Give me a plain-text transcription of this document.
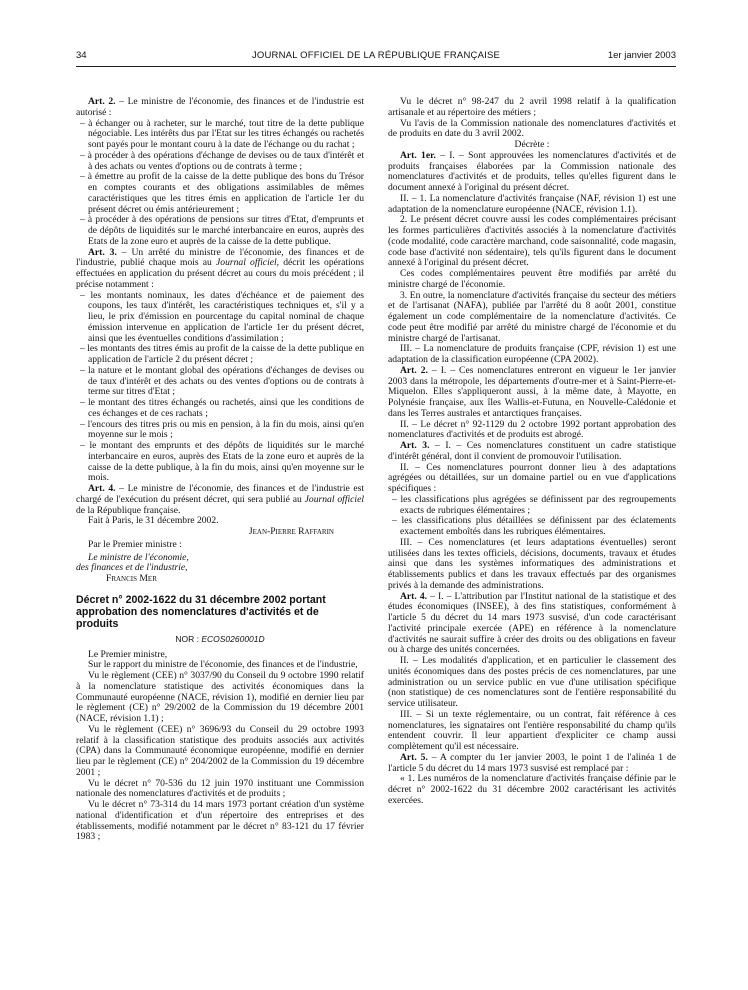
34	JOURNAL OFFICIEL DE LA RÉPUBLIQUE FRANÇAISE	1er janvier 2003

Art. 2. – Le ministre de l'économie, des finances et de l'industrie est autorisé :

– à échanger ou à racheter, sur le marché, tout titre de la dette publique négociable. Les intérêts dus par l'Etat sur les titres échangés ou rachetés sont payés pour le montant couru à la date de l'échange ou du rachat ;

– à procéder à des opérations d'échange de devises ou de taux d'intérêt et à des achats ou ventes d'options ou de contrats à terme ;

– à émettre au profit de la caisse de la dette publique des bons du Trésor en comptes courants et des obligations assimilables de mêmes caractéristiques que les titres émis en application de l'article 1er du présent décret ou émis antérieurement ;

– à procéder à des opérations de pensions sur titres d'Etat, d'emprunts et de dépôts de liquidités sur le marché interbancaire en euros, auprès des Etats de la zone euro et auprès de la caisse de la dette publique.

Art. 3. – Un arrêté du ministre de l'économie, des finances et de l'industrie, publié chaque mois au Journal officiel, décrit les opérations effectuées en application du présent décret au cours du mois précédent ; il précise notamment :

– les montants nominaux, les dates d'échéance et de paiement des coupons, les taux d'intérêt, les caractéristiques techniques et, s'il y a lieu, le prix d'émission en pourcentage du capital nominal de chaque émission intervenue en application de l'article 1er du présent décret, ainsi que les éventuelles conditions d'assimilation ;

– les montants des titres émis au profit de la caisse de la dette publique en application de l'article 2 du présent décret ;

– la nature et le montant global des opérations d'échanges de devises ou de taux d'intérêt et des achats ou des ventes d'options ou de contrats à terme sur titres d'Etat ;

– le montant des titres échangés ou rachetés, ainsi que les conditions de ces échanges et de ces rachats ;

– l'encours des titres pris ou mis en pension, à la fin du mois, ainsi qu'en moyenne sur le mois ;

– le montant des emprunts et des dépôts de liquidités sur le marché interbancaire en euros, auprès des Etats de la zone euro et auprès de la caisse de la dette publique, à la fin du mois, ainsi qu'en moyenne sur le mois.

Art. 4. – Le ministre de l'économie, des finances et de l'industrie est chargé de l'exécution du présent décret, qui sera publié au Journal officiel de la République française.

Fait à Paris, le 31 décembre 2002.

Jean-Pierre Raffarin

Par le Premier ministre :

Le ministre de l'économie,

des finances et de l'industrie,

Francis Mer

Décret n° 2002-1622 du 31 décembre 2002 portant approbation des nomenclatures d'activités et de produits

NOR : ECOS0260001D

Le Premier ministre,

Sur le rapport du ministre de l'économie, des finances et de l'industrie,

Vu le règlement (CEE) n° 3037/90 du Conseil du 9 octobre 1990 relatif à la nomenclature statistique des activités économiques dans la Communauté européenne (NACE, révision 1), modifié en dernier lieu par le règlement (CE) n° 29/2002 de la Commission du 19 décembre 2001 (NACE, révision 1.1) ;

Vu le règlement (CEE) n° 3696/93 du Conseil du 29 octobre 1993 relatif à la classification statistique des produits associés aux activités (CPA) dans la Communauté économique européenne, modifié en dernier lieu par le règlement (CE) n° 204/2002 de la Commission du 19 décembre 2001 ;

Vu le décret n° 70-536 du 12 juin 1970 instituant une Commission nationale des nomenclatures d'activités et de produits ;

Vu le décret n° 73-314 du 14 mars 1973 portant création d'un système national d'identification et d'un répertoire des entreprises et des établissements, modifié notamment par le décret n° 83-121 du 17 février 1983 ;

Vu le décret n° 98-247 du 2 avril 1998 relatif à la qualification artisanale et au répertoire des métiers ;

Vu l'avis de la Commission nationale des nomenclatures d'activités et de produits en date du 3 avril 2002.

Décrète :

Art. 1er. – I. – Sont approuvées les nomenclatures d'activités et de produits françaises élaborées par la Commission nationale des nomenclatures d'activités et de produits, telles qu'elles figurent dans le document annexé à l'original du présent décret.

II. – 1. La nomenclature d'activités française (NAF, révision 1) est une adaptation de la nomenclature européenne (NACE, révision 1.1).

2. Le présent décret couvre aussi les codes complémentaires précisant les formes particulières d'activités associés à la nomenclature d'activités (code modalité, code caractère marchand, code saisonnalité, code magasin, code base d'activité non sédentaire), tels qu'ils figurent dans le document annexé à l'original du présent décret.

Ces codes complémentaires peuvent être modifiés par arrêté du ministre chargé de l'économie.

3. En outre, la nomenclature d'activités française du secteur des métiers et de l'artisanat (NAFA), publiée par l'arrêté du 8 août 2001, constitue également un code complémentaire de la nomenclature d'activités. Ce code peut être modifié par arrêté du ministre chargé de l'économie et du ministre chargé de l'artisanat.

III. – La nomenclature de produits française (CPF, révision 1) est une adaptation de la classification européenne (CPA 2002).

Art. 2. – I. – Ces nomenclatures entreront en vigueur le 1er janvier 2003 dans la métropole, les départements d'outre-mer et à Saint-Pierre-et-Miquelon. Elles s'appliqueront aussi, à la même date, à Mayotte, en Polynésie française, aux îles Wallis-et-Futuna, en Nouvelle-Calédonie et dans les Terres australes et antarctiques françaises.

II. – Le décret n° 92-1129 du 2 octobre 1992 portant approbation des nomenclatures d'activités et de produits est abrogé.

Art. 3. – I. – Ces nomenclatures constituent un cadre statistique d'intérêt général, dont il convient de promouvoir l'utilisation.

II. – Ces nomenclatures pourront donner lieu à des adaptations agrégées ou détaillées, sur un domaine partiel ou en vue d'applications spécifiques :

– les classifications plus agrégées se définissent par des regroupements exacts de rubriques élémentaires ;

– les classifications plus détaillées se définissent par des éclatements exactement emboîtés dans les rubriques élémentaires.

III. – Ces nomenclatures (et leurs adaptations éventuelles) seront utilisées dans les textes officiels, décisions, documents, travaux et études ainsi que dans les systèmes informatiques des administrations et établissements publics et dans les travaux effectués par des organismes privés à la demande des administrations.

Art. 4. – I. – L'attribution par l'Institut national de la statistique et des études économiques (INSEE), à des fins statistiques, conformément à l'article 5 du décret du 14 mars 1973 susvisé, d'un code caractérisant l'activité principale exercée (APE) en référence à la nomenclature d'activités ne saurait suffire à créer des droits ou des obligations en faveur ou à charge des unités concernées.

II. – Les modalités d'application, et en particulier le classement des unités économiques dans des postes précis de ces nomenclatures, par une administration ou un service public en vue d'une utilisation spécifique (non statistique) de ces nomenclatures sont de l'entière responsabilité du service utilisateur.

III. – Si un texte réglementaire, ou un contrat, fait référence à ces nomenclatures, les signataires ont l'entière responsabilité du champ qu'ils entendent couvrir. Il leur appartient d'expliciter ce champ aussi complètement qu'il est nécessaire.

Art. 5. – A compter du 1er janvier 2003, le point 1 de l'alinéa 1 de l'article 5 du décret du 14 mars 1973 susvisé est remplacé par :

« 1. Les numéros de la nomenclature d'activités française définie par le décret n° 2002-1622 du 31 décembre 2002 caractérisant les activités exercées.
